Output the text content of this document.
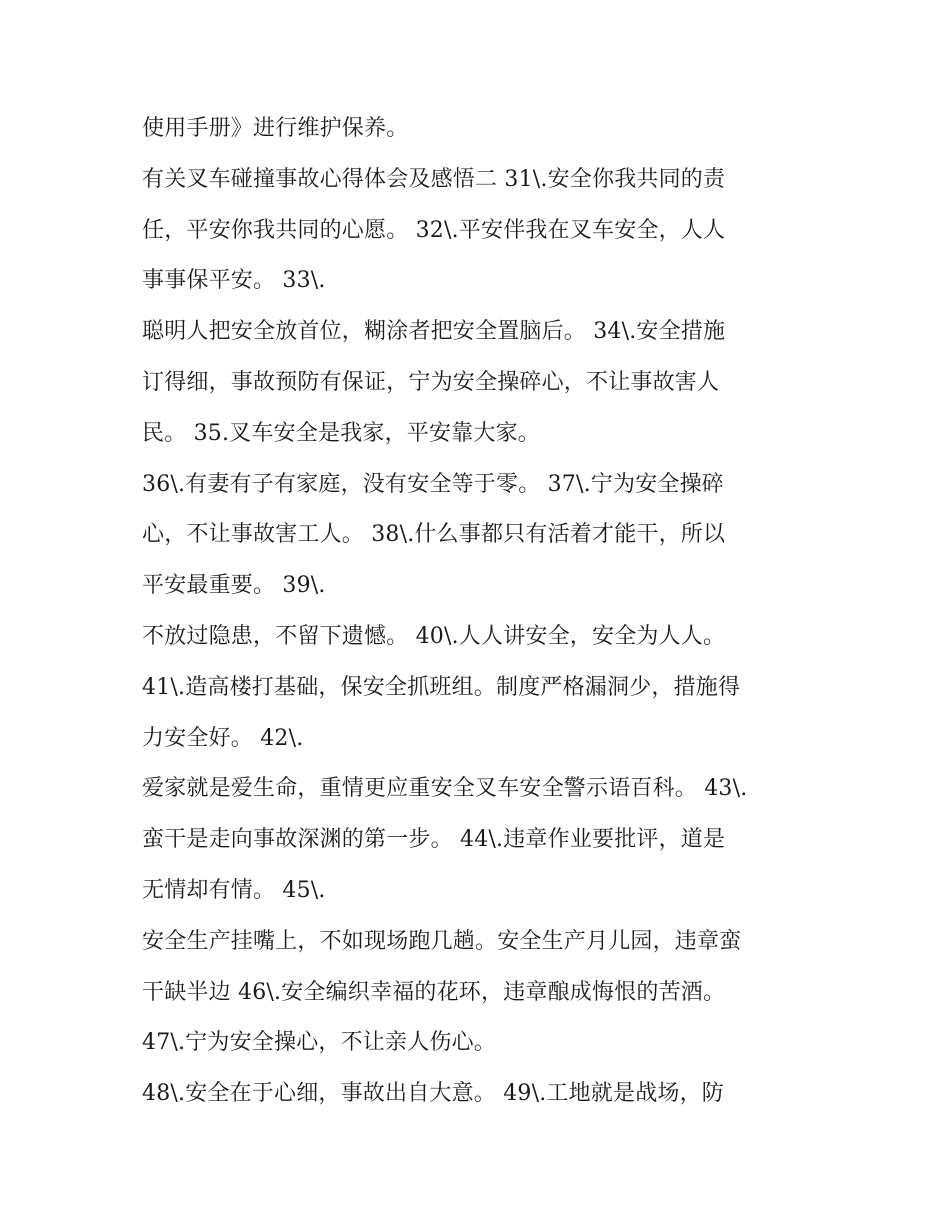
使用手册》进行维护保养。
有关叉车碰撞事故心得体会及感悟二 31\.安全你我共同的责
任，平安你我共同的心愿。 32\.平安伴我在叉车安全，人人
事事保平安。 33\.
聪明人把安全放首位，糊涂者把安全置脑后。 34\.安全措施
订得细，事故预防有保证，宁为安全操碎心，不让事故害人
民。 35.叉车安全是我家，平安靠大家。
36\.有妻有子有家庭，没有安全等于零。 37\.宁为安全操碎
心，不让事故害工人。 38\.什么事都只有活着才能干，所以
平安最重要。 39\.
不放过隐患，不留下遗憾。 40\.人人讲安全，安全为人人。
41\.造高楼打基础，保安全抓班组。制度严格漏洞少，措施得
力安全好。 42\.
爱家就是爱生命，重情更应重安全叉车安全警示语百科。 43\.
蛮干是走向事故深渊的第一步。 44\.违章作业要批评，道是
无情却有情。 45\.
安全生产挂嘴上，不如现场跑几趟。安全生产月儿园，违章蛮
干缺半边 46\.安全编织幸福的花环，违章酿成悔恨的苦酒。
47\.宁为安全操心，不让亲人伤心。
48\.安全在于心细，事故出自大意。 49\.工地就是战场，防
